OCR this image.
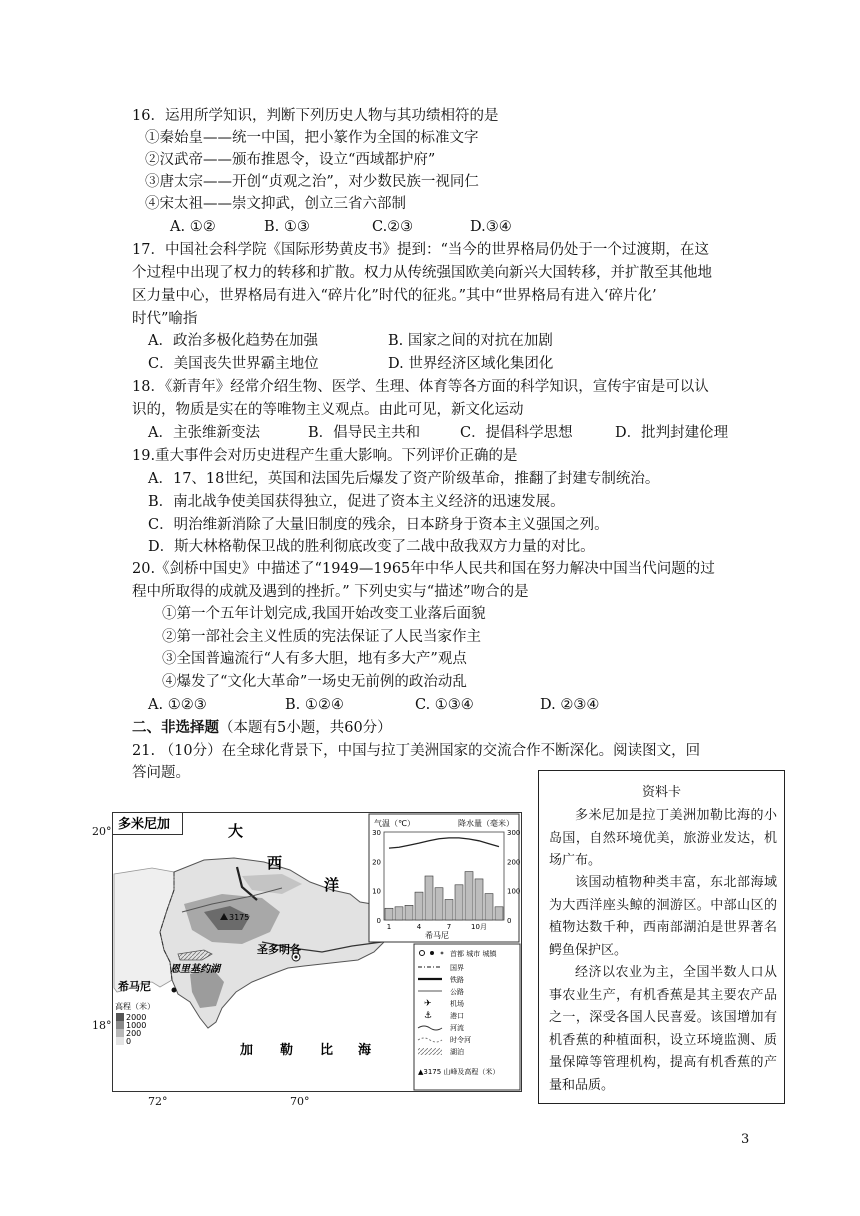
16．运用所学知识，判断下列历史人物与其功绩相符的是
①秦始皇——统一中国，把小篆作为全国的标准文字
②汉武帝——颁布推恩令，设立“西域都护府”
③唐太宗——开创“贞观之治”，对少数民族一视同仁
④宋太祖——崇文抑武，创立三省六部制
A. ①②	B. ①③	C.②③	D.③④
17．中国社会科学院《国际形势黄皮书》提到：“当今的世界格局仍处于一个过渡期，在这
个过程中出现了权力的转移和扩散。权力从传统强国欧美向新兴大国转移，并扩散至其他地
区力量中心，世界格局有进入“碎片化”时代的征兆。”其中“世界格局有进入‘碎片化’
时代”喻指
A．政治多极化趋势在加强	B. 国家之间的对抗在加剧
C．美国丧失世界霸主地位	D. 世界经济区域化集团化
18．《新青年》经常介绍生物、医学、生理、体育等各方面的科学知识，宣传宇宙是可以认
识的，物质是实在的等唯物主义观点。由此可见，新文化运动
A．主张维新变法	B．倡导民主共和	C．提倡科学思想	D．批判封建伦理
19.重大事件会对历史进程产生重大影响。下列评价正确的是
A．17、18世纪，英国和法国先后爆发了资产阶级革命，推翻了封建专制统治。
B．南北战争使美国获得独立，促进了资本主义经济的迅速发展。
C．明治维新消除了大量旧制度的残余，日本跻身于资本主义强国之列。
D．斯大林格勒保卫战的胜利彻底改变了二战中敌我双方力量的对比。
20.《剑桥中国史》中描述了“1949—1965年中华人民共和国在努力解决中国当代问题的过
程中所取得的成就及遇到的挫折。” 下列史实与“描述”吻合的是
①第一个五年计划完成,我国开始改变工业落后面貌
②第一部社会主义性质的宪法保证了人民当家作主
③全国普遍流行“人有多大胆，地有多大产”观点
④爆发了“文化大革命”一场史无前例的政治动乱
A. ①②③	B. ①②④	C. ①③④	D. ②③④
二、非选择题（本题有5小题，共60分）
21. （10分）在全球化背景下，中国与拉丁美洲国家的交流合作不断深化。阅读图文，回
答问题。
资料卡
多米尼加是拉丁美洲加勒比海的小岛国，自然环境优美，旅游业发达，机场广布。
该国动植物种类丰富，东北部海域为大西洋座头鲸的洄游区。中部山区的植物达数千种，西南部湖泊是世界著名鳄鱼保护区。
经济以农业为主，全国半数人口从事农业生产，有机香蕉是其主要农产品之一，深受各国人民喜爱。该国增加有机香蕉的种植面积，设立环境监测、质量保障等管理机构，提高有机香蕉的产量和品质。
多米尼加
3175
圣多明各
恩里基约湖
希马尼
大
西
洋
加 勒 比 海
高程（米）
2000
1000
200
0
气温（℃）	降水量（毫米）
希马尼
30
20
10
0
300
200
100
0
1	4	7	10月
✈
⚓
首都 城市 城镇
国界
铁路
公路
机场
港口
河流
时令河
湖泊
▲3175 山峰及高程（米）
20°
18°
72°	70°
3
